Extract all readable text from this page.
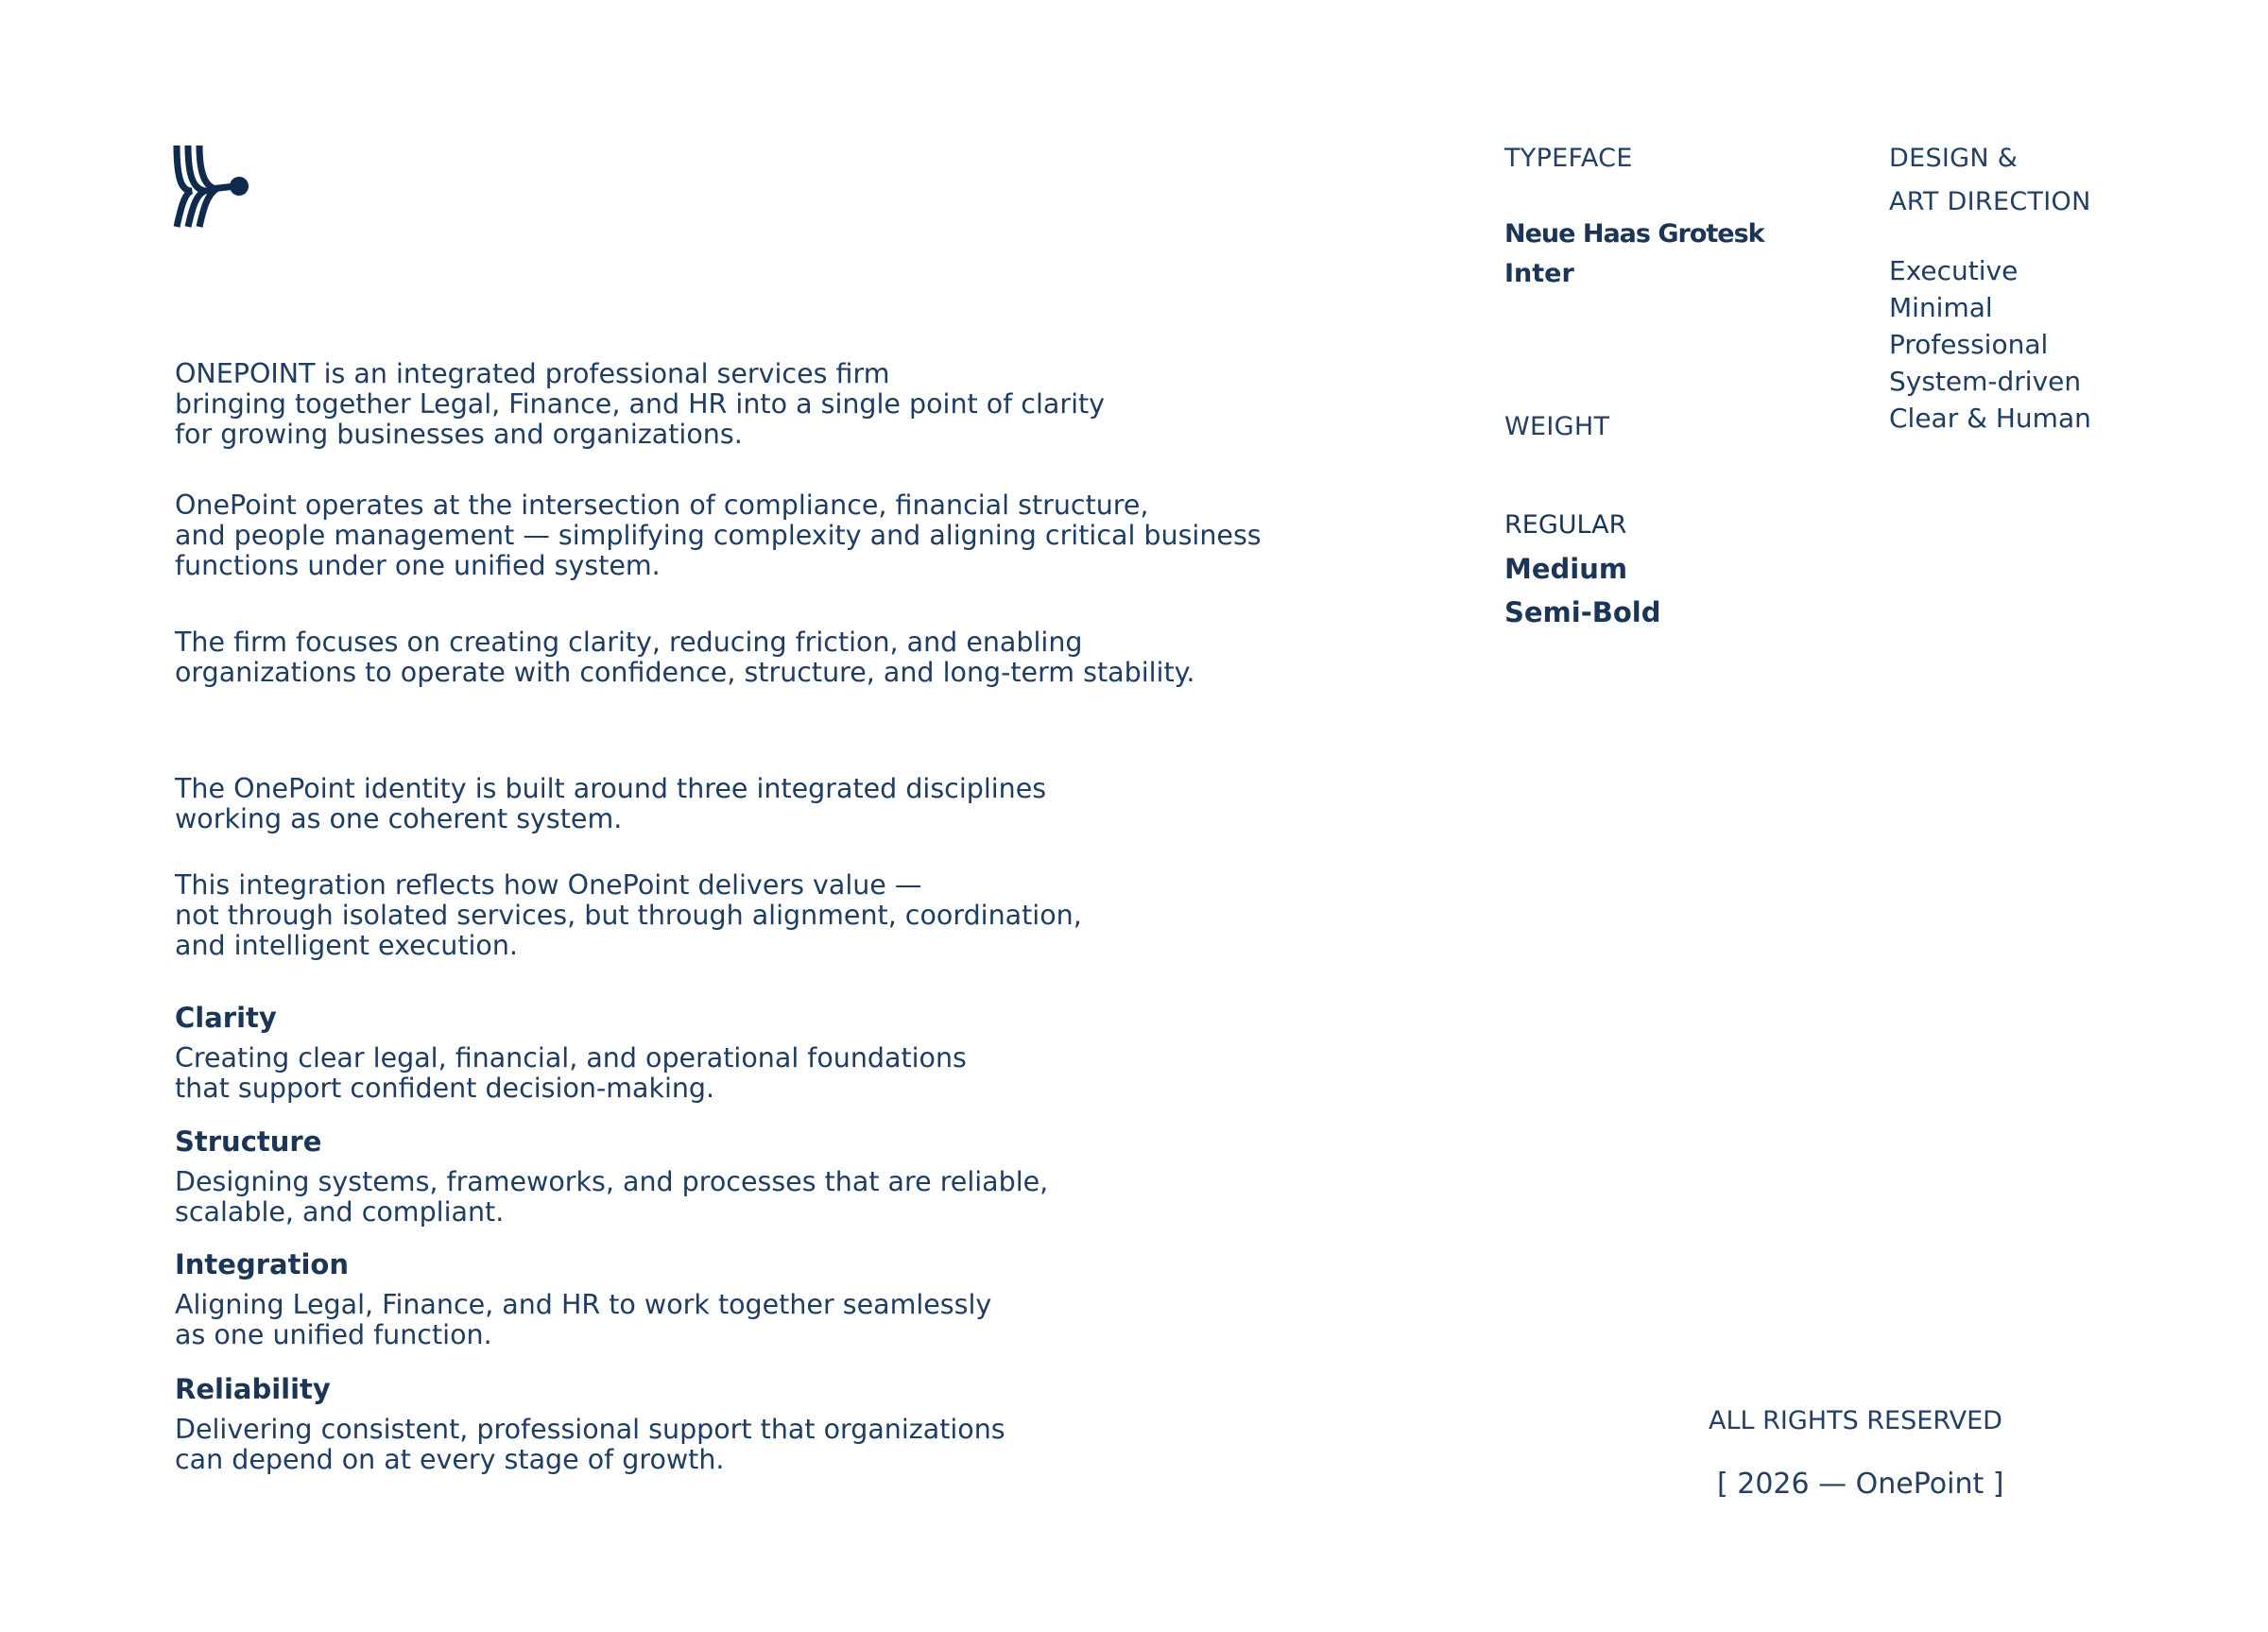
ONEPOINT is an integrated professional services firm
bringing together Legal, Finance, and HR into a single point of clarity
for growing businesses and organizations.

OnePoint operates at the intersection of compliance, financial structure,
and people management — simplifying complexity and aligning critical business
functions under one unified system.

The firm focuses on creating clarity, reducing friction, and enabling
organizations to operate with confidence, structure, and long-term stability.

The OnePoint identity is built around three integrated disciplines
working as one coherent system.

This integration reflects how OnePoint delivers value —
not through isolated services, but through alignment, coordination,
and intelligent execution.

Clarity

Creating clear legal, financial, and operational foundations
that support confident decision-making.

Structure

Designing systems, frameworks, and processes that are reliable,
scalable, and compliant.

Integration

Aligning Legal, Finance, and HR to work together seamlessly
as one unified function.

Reliability

Delivering consistent, professional support that organizations
can depend on at every stage of growth.

TYPEFACE

Neue Haas Grotesk

Inter

WEIGHT

REGULAR

Medium

Semi-Bold

DESIGN &

ART DIRECTION

Executive

Minimal

Professional

System-driven

Clear & Human

ALL RIGHTS RESERVED

[ 2026 — OnePoint ]
